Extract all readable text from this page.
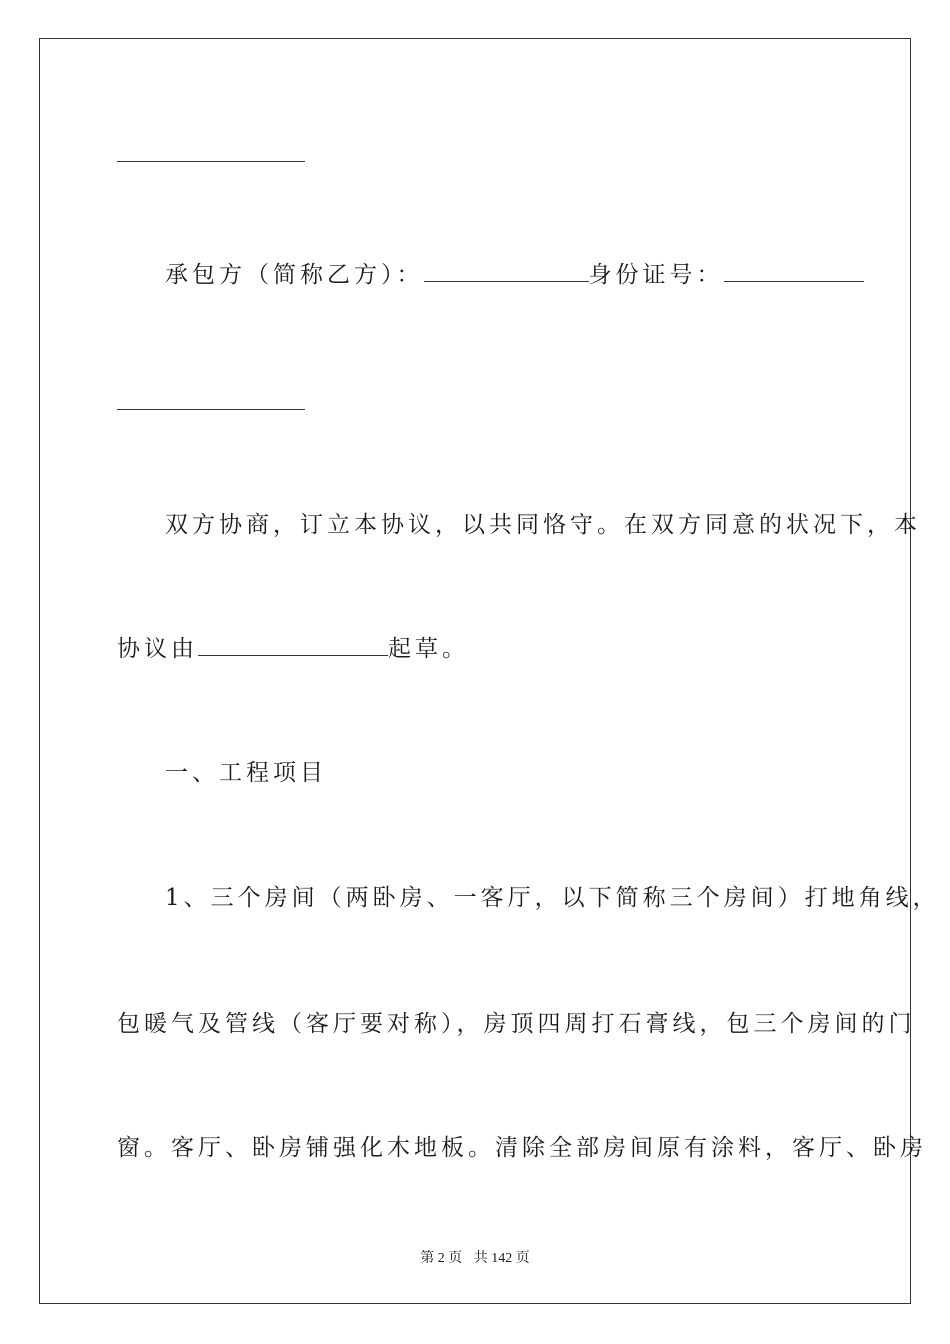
承包方（简称乙方）：	身份证号：
双方协商，订立本协议，以共同恪守。在双方同意的状况下，本
协议由	起草。
一、工程项目
1、三个房间（两卧房、一客厅，以下简称三个房间）打地角线，
包暖气及管线（客厅要对称），房顶四周打石膏线，包三个房间的门
窗。客厅、卧房铺强化木地板。清除全部房间原有涂料，客厅、卧房
第 2 页 共 142 页
